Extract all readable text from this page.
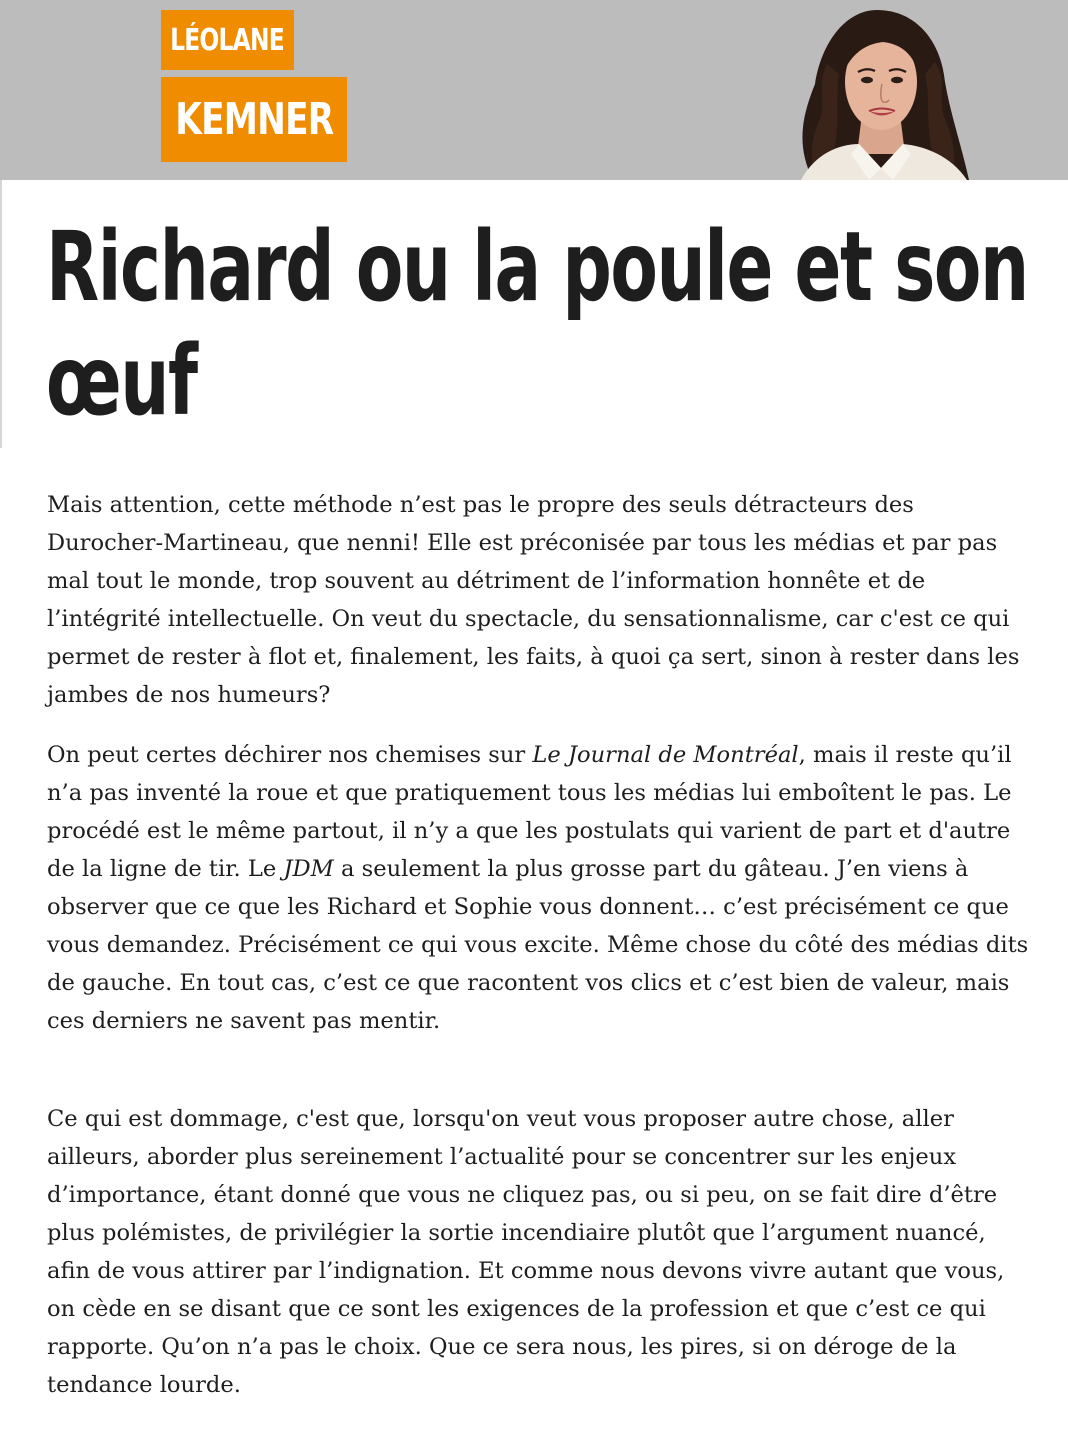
LÉOLANE
KEMNER
Richard ou la poule et son œuf

Mais attention, cette méthode n’est pas le propre des seuls détracteurs des Durocher-Martineau, que nenni! Elle est préconisée par tous les médias et par pas mal tout le monde, trop souvent au détriment de l’information honnête et de l’intégrité intellectuelle. On veut du spectacle, du sensationnalisme, car c'est ce qui permet de rester à flot et, finalement, les faits, à quoi ça sert, sinon à rester dans les jambes de nos humeurs?

On peut certes déchirer nos chemises sur Le Journal de Montréal, mais il reste qu’il n’a pas inventé la roue et que pratiquement tous les médias lui emboîtent le pas. Le procédé est le même partout, il n’y a que les postulats qui varient de part et d'autre de la ligne de tir. Le JDM a seulement la plus grosse part du gâteau. J’en viens à observer que ce que les Richard et Sophie vous donnent… c’est précisément ce que vous demandez. Précisément ce qui vous excite. Même chose du côté des médias dits de gauche. En tout cas, c’est ce que racontent vos clics et c’est bien de valeur, mais ces derniers ne savent pas mentir.

Ce qui est dommage, c'est que, lorsqu'on veut vous proposer autre chose, aller ailleurs, aborder plus sereinement l’actualité pour se concentrer sur les enjeux d’importance, étant donné que vous ne cliquez pas, ou si peu, on se fait dire d’être plus polémistes, de privilégier la sortie incendiaire plutôt que l’argument nuancé, afin de vous attirer par l’indignation. Et comme nous devons vivre autant que vous, on cède en se disant que ce sont les exigences de la profession et que c’est ce qui rapporte. Qu’on n’a pas le choix. Que ce sera nous, les pires, si on déroge de la tendance lourde.
